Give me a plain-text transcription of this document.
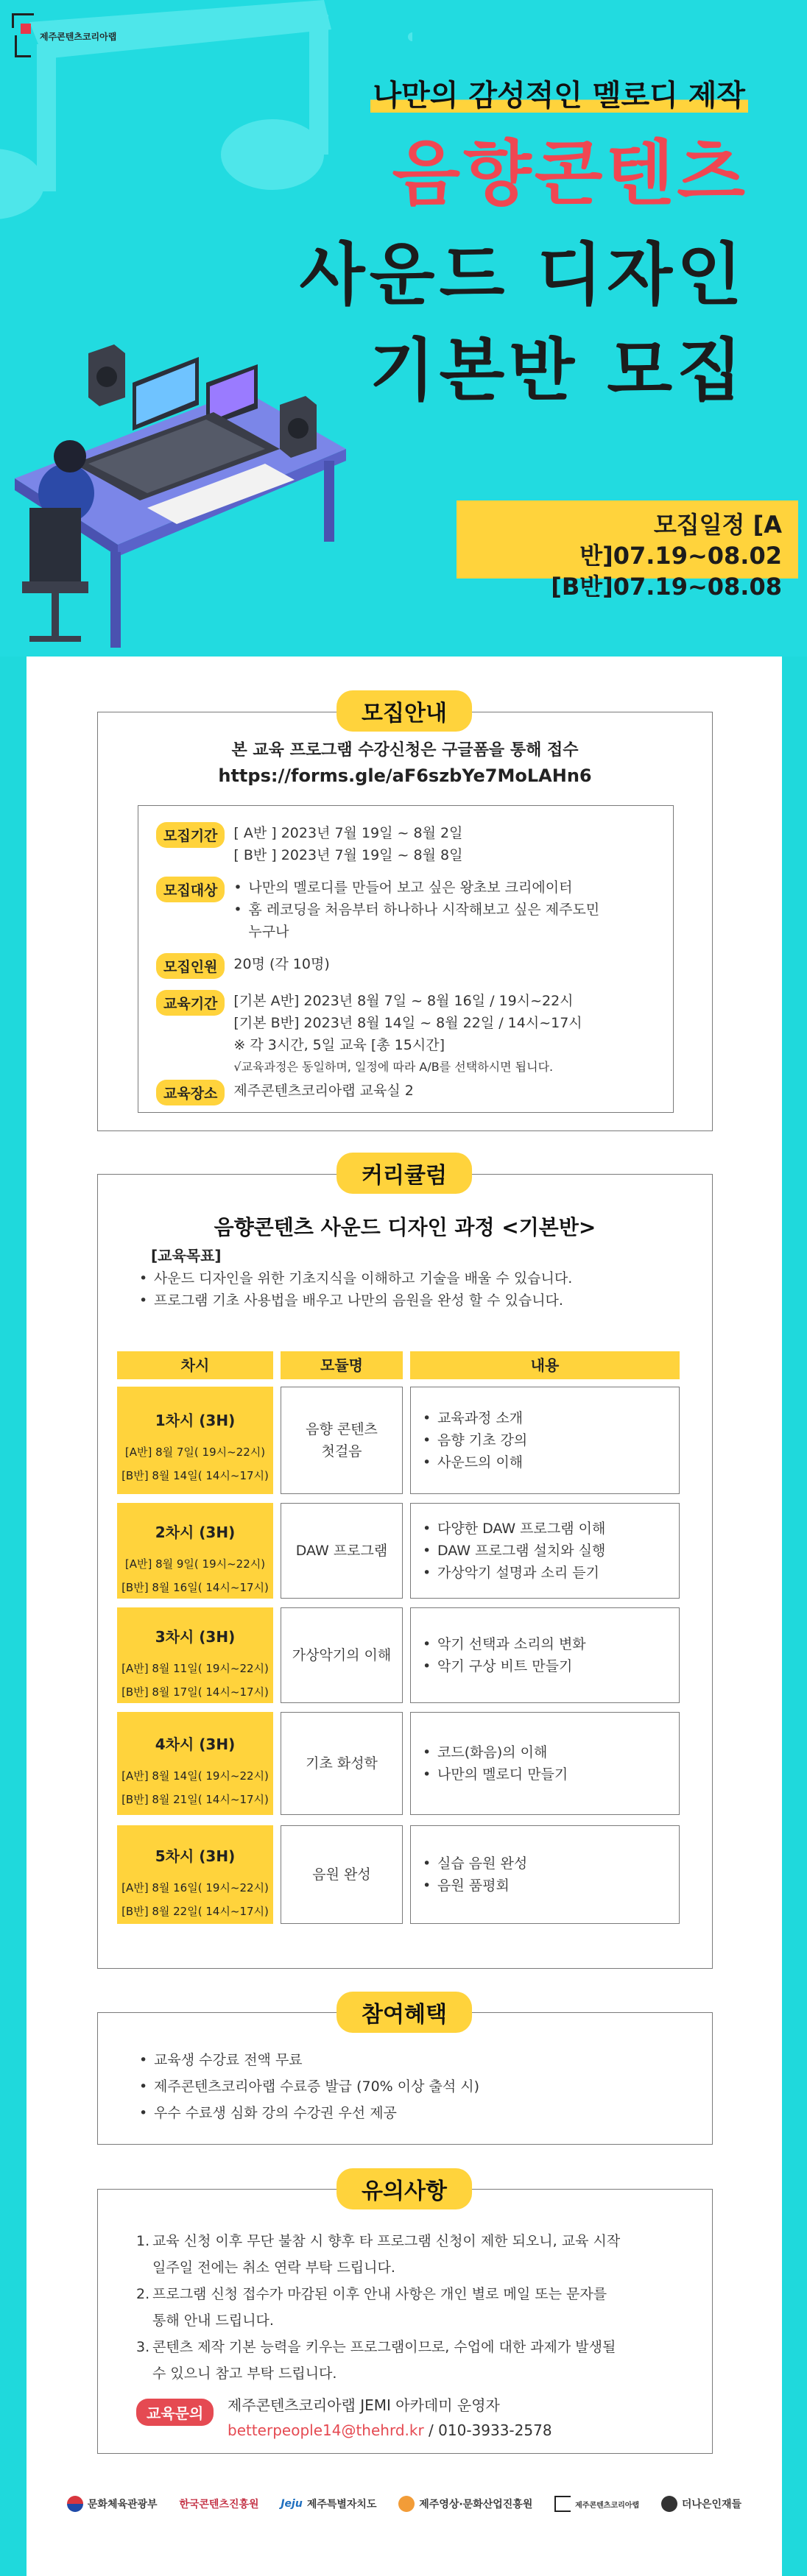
제주콘텐츠코리아랩
나만의 감성적인 멜로디 제작
음향콘텐츠
사운드 디자인
기본반 모집
모집일정 [A반]07.19~08.02
[B반]07.19~08.08
본 교육 프로그램 수강신청은 구글폼을 통해 접수
https://forms.gle/aF6szbYe7MoLAHn6
모집기간	[ A반 ] 2023년 7월 19일 ~ 8월 2일
[ B반 ] 2023년 7월 19일 ~ 8월 8일
모집대상
•	나만의 멜로디를 만들어 보고 싶은 왕초보 크리에이터
• 홈 레코딩을 처음부터 하나하나 시작해보고 싶은 제주도민
누구나
모집인원	20명 (각 10명)
교육기간	[기본 A반] 2023년 8월 7일 ~ 8월 16일 / 19시~22시
[기본 B반] 2023년 8월 14일 ~ 8월 22일 / 14시~17시
※ 각 3시간, 5일 교육 [총 15시간]
√교육과정은 동일하며, 일정에 따라 A/B를 선택하시면 됩니다.
교육장소	제주콘텐츠코리아랩 교육실 2
모집안내
음향콘텐츠 사운드 디자인 과정 <기본반>
[교육목표]
• 사운드 디자인을 위한 기초지식을 이해하고 기술을 배울 수 있습니다.
• 프로그램 기초 사용법을 배우고 나만의 음원을 완성 할 수 있습니다.
차시	모듈명	내용
1차시 (3H)
[A반] 8월 7일( 19시~22시)
[B반] 8월 14일( 14시~17시)
음향 콘텐츠
첫걸음
• 교육과정 소개
• 음향 기초 강의
• 사운드의 이해
2차시 (3H)
[A반] 8월 9일( 19시~22시)
[B반] 8월 16일( 14시~17시)
DAW 프로그램
• 다양한 DAW 프로그램 이해
• DAW 프로그램 설치와 실행
• 가상악기 설명과 소리 듣기
3차시 (3H)
[A반] 8월 11일( 19시~22시)
[B반] 8월 17일( 14시~17시)
가상악기의 이해
• 악기 선택과 소리의 변화
• 악기 구상 비트 만들기
4차시 (3H)
[A반] 8월 14일( 19시~22시)
[B반] 8월 21일( 14시~17시)
기초 화성학
• 코드(화음)의 이해
• 나만의 멜로디 만들기
5차시 (3H)
[A반] 8월 16일( 19시~22시)
[B반] 8월 22일( 14시~17시)
음원 완성
• 실습 음원 완성
• 음원 품평회
커리큘럼
• 교육생 수강료 전액 무료
• 제주콘텐츠코리아랩 수료증 발급 (70% 이상 출석 시)
• 우수 수료생 심화 강의 수강권 우선 제공
참여혜택
1. 교육 신청 이후 무단 불참 시 향후 타 프로그램 신청이 제한 되오니, 교육 시작
일주일 전에는 취소 연락 부탁 드립니다.
2. 프로그램 신청 접수가 마감된 이후 안내 사항은 개인 별로 메일 또는 문자를
통해 안내 드립니다.
3. 콘텐츠 제작 기본 능력을 키우는 프로그램이므로, 수업에 대한 과제가 발생될
수 있으니 참고 부탁 드립니다.
교육문의	제주콘텐츠코리아랩 JEMI 아카데미 운영자
betterpeople14@thehrd.kr / 010-3933-2578
유의사항
문화체육관광부 한국콘텐츠진흥원 Jeju 제주특별자치도	제주영상·문화산업진흥원	제주콘텐츠코리아랩	더나은인재들
